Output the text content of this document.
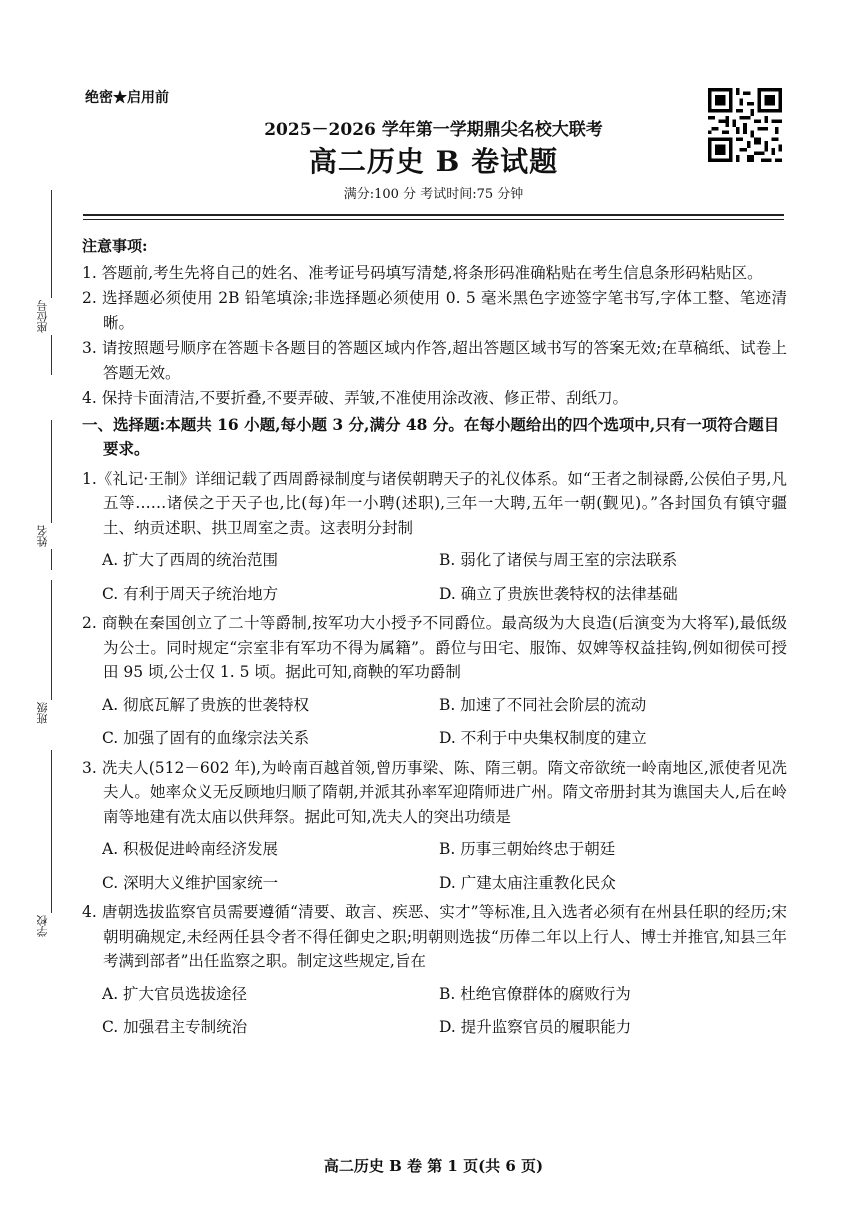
座位号
姓名
班级
学校
绝密★启用前
2025－2026 学年第一学期鼎尖名校大联考
高二历史 B 卷试题
满分:100 分 考试时间:75 分钟
注意事项:
1. 答题前,考生先将自己的姓名、准考证号码填写清楚,将条形码准确粘贴在考生信息条形码粘贴区。
2. 选择题必须使用 2B 铅笔填涂;非选择题必须使用 0. 5 毫米黑色字迹签字笔书写,字体工整、笔迹清晰。
3. 请按照题号顺序在答题卡各题目的答题区域内作答,超出答题区域书写的答案无效;在草稿纸、试卷上答题无效。
4. 保持卡面清洁,不要折叠,不要弄破、弄皱,不准使用涂改液、修正带、刮纸刀。
一、选择题:本题共 16 小题,每小题 3 分,满分 48 分。在每小题给出的四个选项中,只有一项符合题目要求。
1.《礼记·王制》详细记载了西周爵禄制度与诸侯朝聘天子的礼仪体系。如“王者之制禄爵,公侯伯子男,凡五等……诸侯之于天子也,比(每)年一小聘(述职),三年一大聘,五年一朝(觐见)。”各封国负有镇守疆土、纳贡述职、拱卫周室之责。这表明分封制
A. 扩大了西周的统治范围	B. 弱化了诸侯与周王室的宗法联系
C. 有利于周天子统治地方	D. 确立了贵族世袭特权的法律基础
2. 商鞅在秦国创立了二十等爵制,按军功大小授予不同爵位。最高级为大良造(后演变为大将军),最低级为公士。同时规定“宗室非有军功不得为属籍”。爵位与田宅、服饰、奴婢等权益挂钩,例如彻侯可授田 95 顷,公士仅 1. 5 顷。据此可知,商鞅的军功爵制
A. 彻底瓦解了贵族的世袭特权	B. 加速了不同社会阶层的流动
C. 加强了固有的血缘宗法关系	D. 不利于中央集权制度的建立
3. 冼夫人(512－602 年),为岭南百越首领,曾历事梁、陈、隋三朝。隋文帝欲统一岭南地区,派使者见冼夫人。她率众义无反顾地归顺了隋朝,并派其孙率军迎隋师进广州。隋文帝册封其为谯国夫人,后在岭南等地建有冼太庙以供拜祭。据此可知,冼夫人的突出功绩是
A. 积极促进岭南经济发展	B. 历事三朝始终忠于朝廷
C. 深明大义维护国家统一	D. 广建太庙注重教化民众
4. 唐朝选拔监察官员需要遵循“清要、敢言、疾恶、实才”等标准,且入选者必须有在州县任职的经历;宋朝明确规定,未经两任县令者不得任御史之职;明朝则选拔“历俸二年以上行人、博士并推官,知县三年考满到部者”出任监察之职。制定这些规定,旨在
A. 扩大官员选拔途径	B. 杜绝官僚群体的腐败行为
C. 加强君主专制统治	D. 提升监察官员的履职能力
高二历史 B 卷 第 1 页(共 6 页)
